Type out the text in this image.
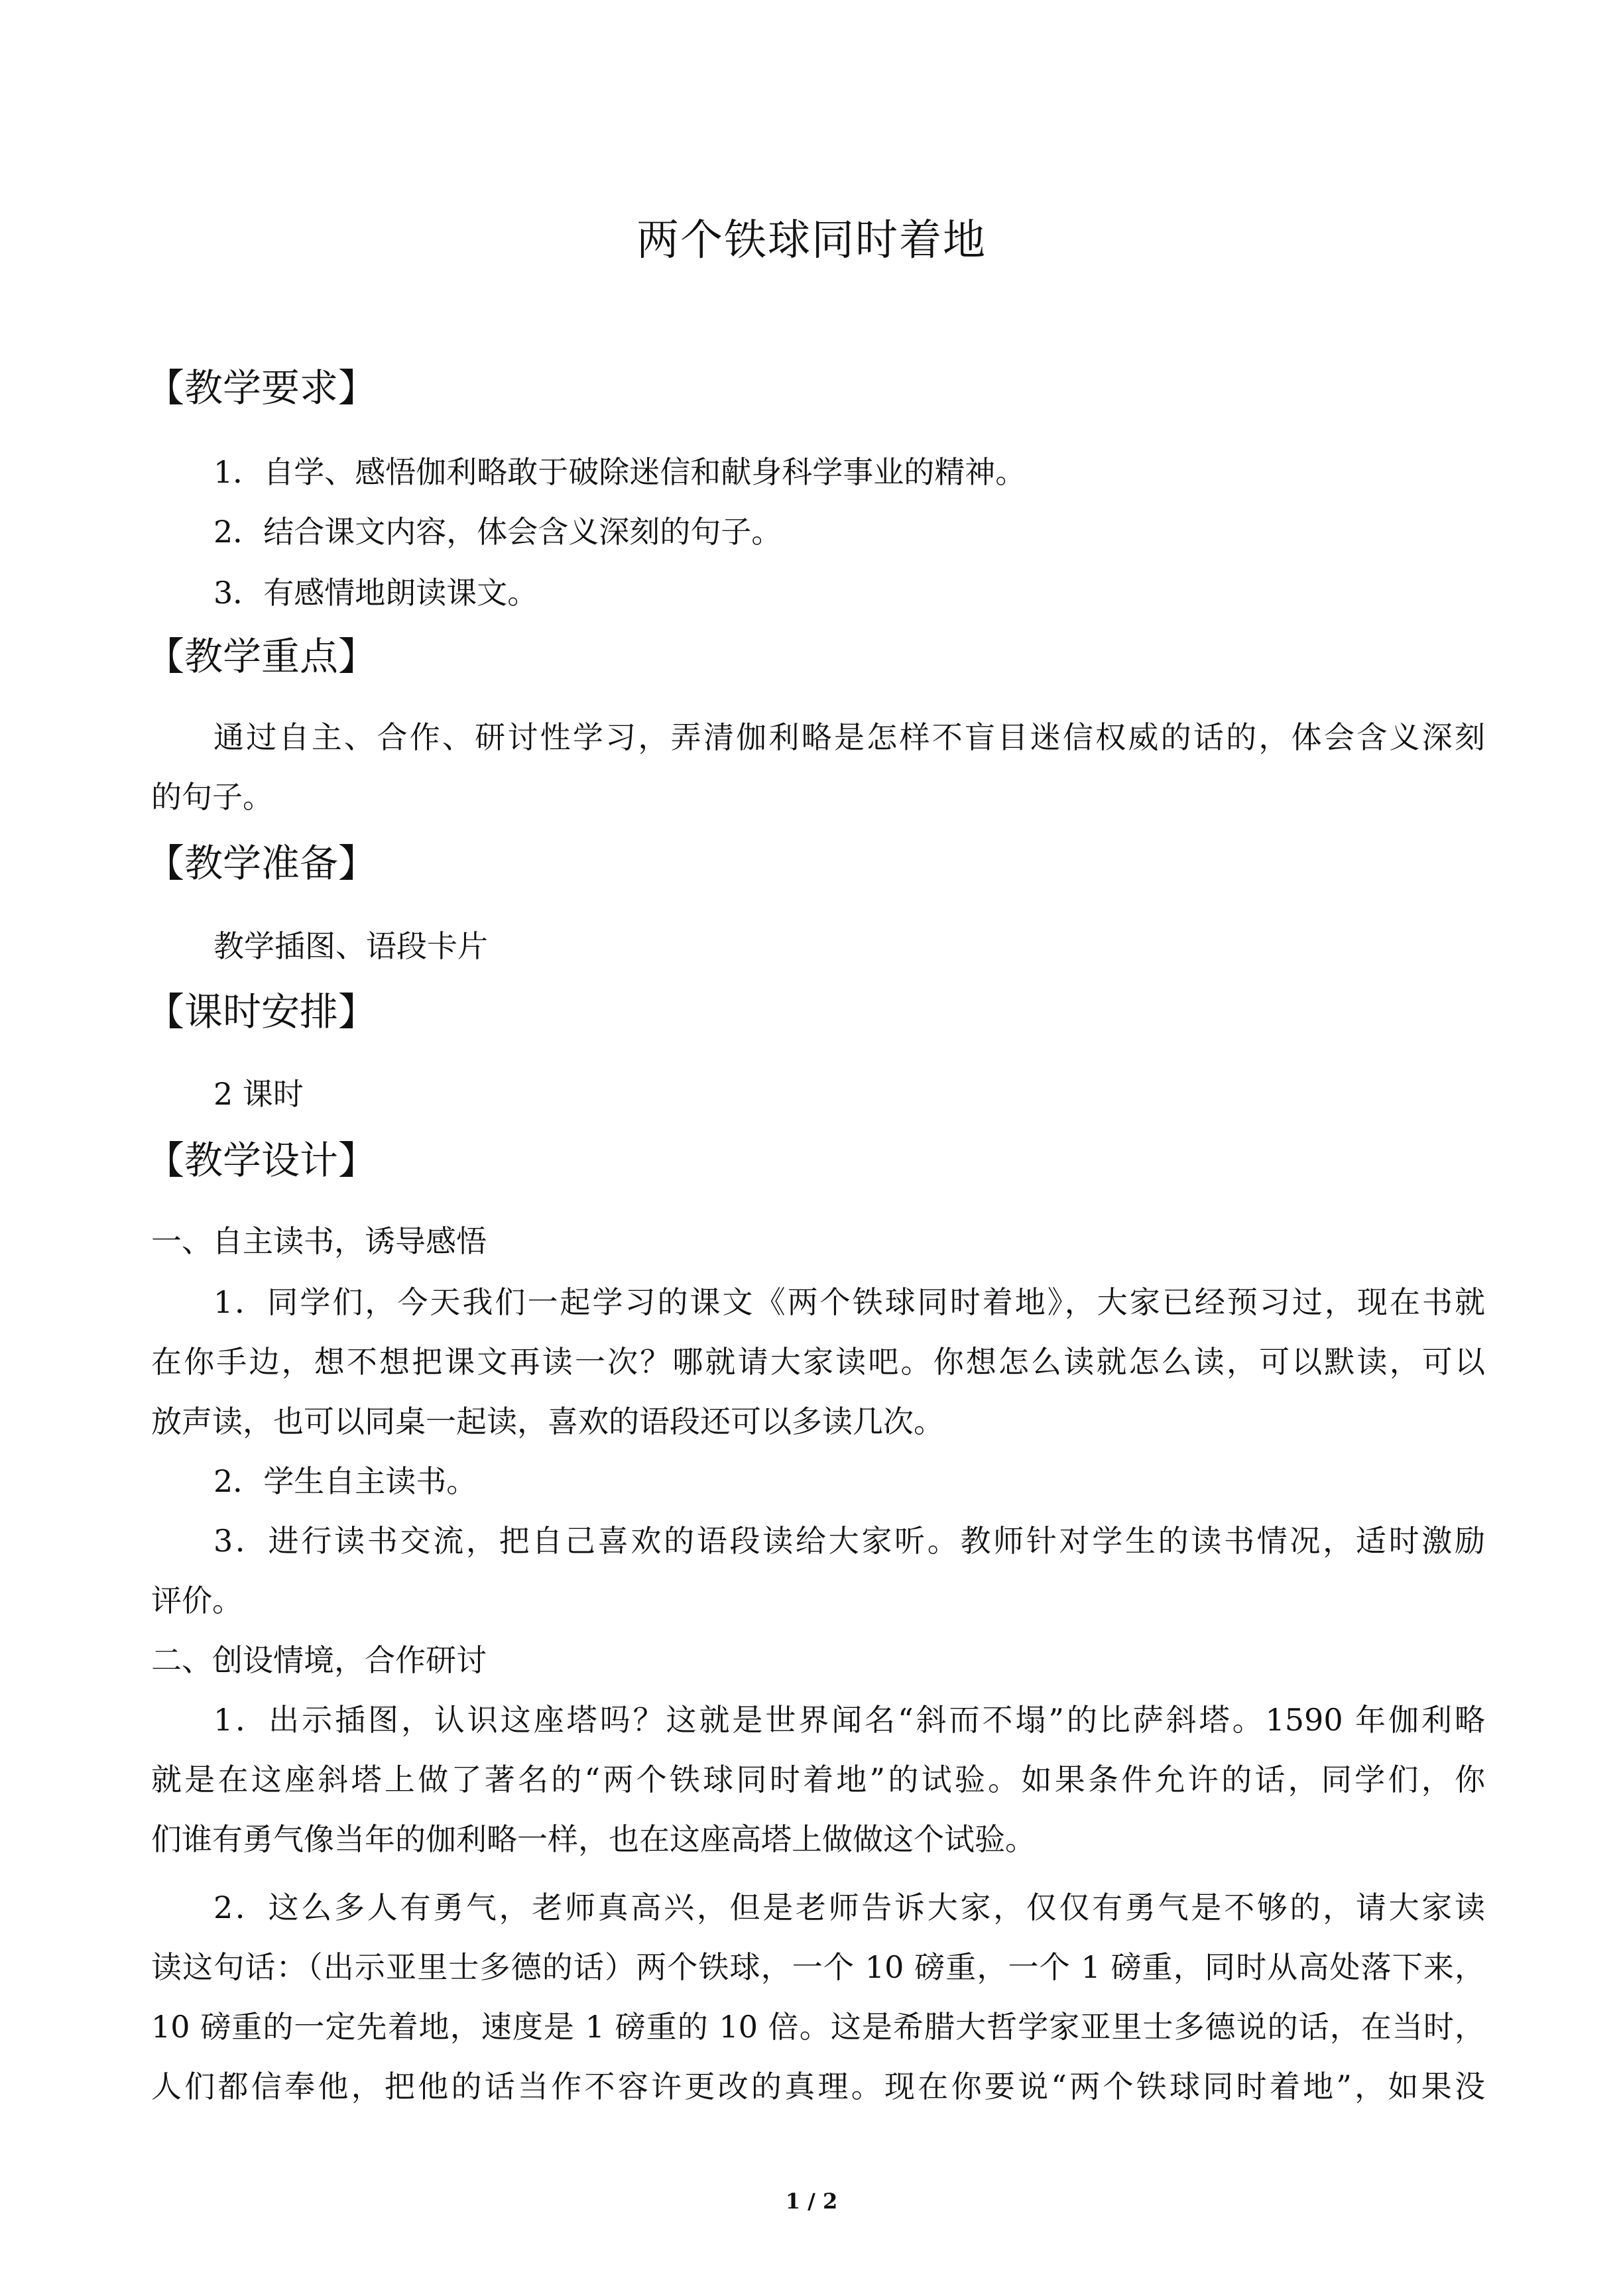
两个铁球同时着地
【教学要求】
1．自学、感悟伽利略敢于破除迷信和献身科学事业的精神。
2．结合课文内容，体会含义深刻的句子。
3．有感情地朗读课文。
【教学重点】
通过自主、合作、研讨性学习，弄清伽利略是怎样不盲目迷信权威的话的，体会含义深刻
的句子。
【教学准备】
教学插图、语段卡片
【课时安排】
2 课时
【教学设计】
一、自主读书，诱导感悟
1．同学们，今天我们一起学习的课文《两个铁球同时着地》，大家已经预习过，现在书就
在你手边，想不想把课文再读一次？哪就请大家读吧。你想怎么读就怎么读，可以默读，可以
放声读，也可以同桌一起读，喜欢的语段还可以多读几次。
2．学生自主读书。
3．进行读书交流，把自己喜欢的语段读给大家听。教师针对学生的读书情况，适时激励
评价。
二、创设情境，合作研讨
1．出示插图，认识这座塔吗？这就是世界闻名“斜而不塌”的比萨斜塔。1590 年伽利略
就是在这座斜塔上做了著名的“两个铁球同时着地”的试验。如果条件允许的话，同学们，你
们谁有勇气像当年的伽利略一样，也在这座高塔上做做这个试验。
2．这么多人有勇气，老师真高兴，但是老师告诉大家，仅仅有勇气是不够的，请大家读
读这句话：（出示亚里士多德的话）两个铁球，一个 10 磅重，一个 1 磅重，同时从高处落下来，
10 磅重的一定先着地，速度是 1 磅重的 10 倍。这是希腊大哲学家亚里士多德说的话，在当时，
人们都信奉他，把他的话当作不容许更改的真理。现在你要说“两个铁球同时着地”，如果没
1 / 2
